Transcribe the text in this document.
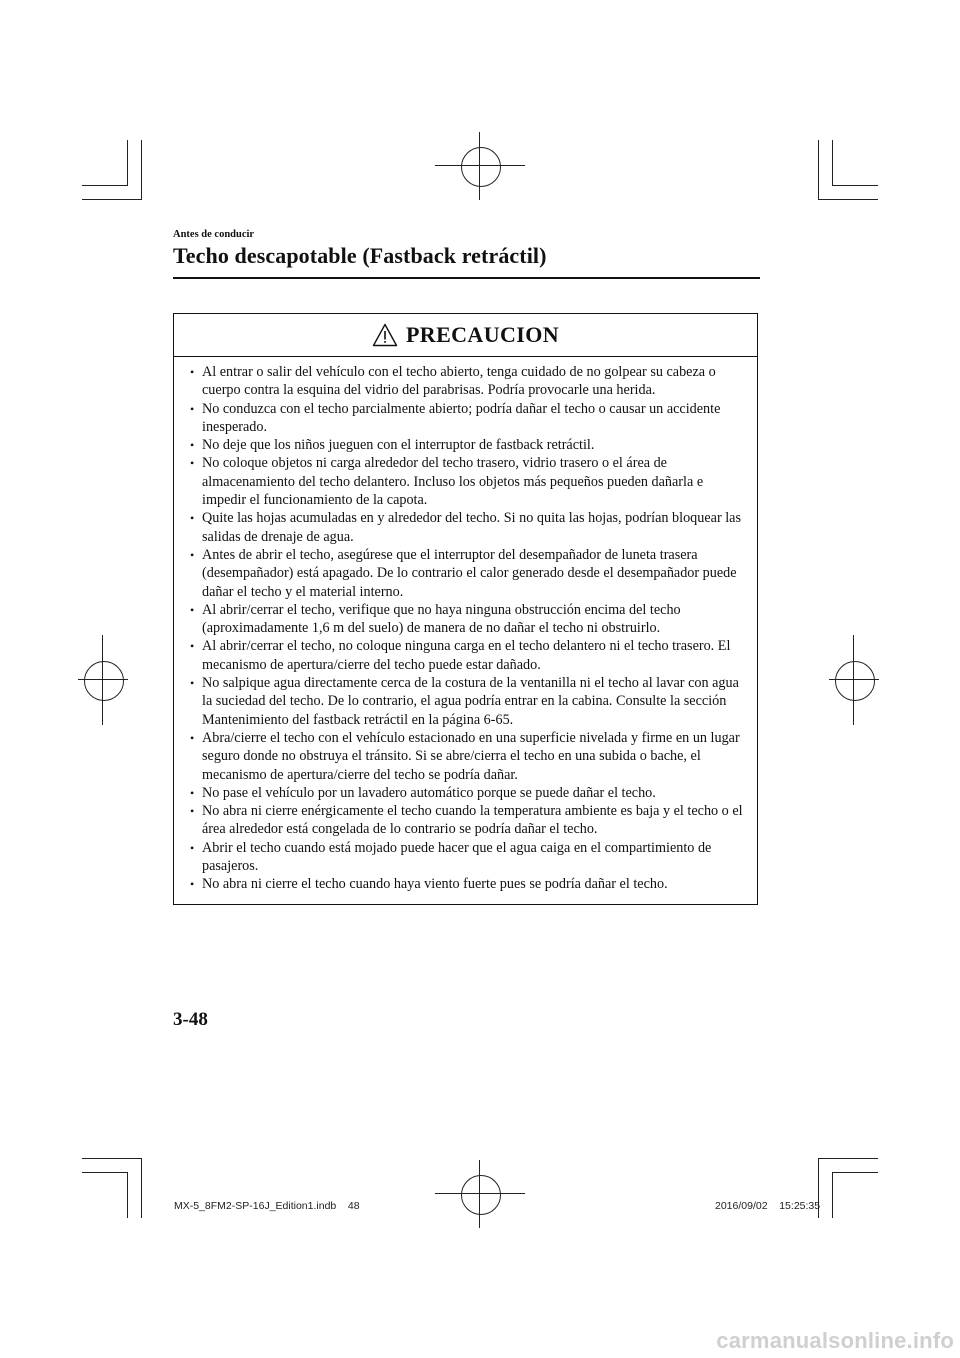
Antes de conducir
Techo descapotable (Fastback retráctil)
PRECAUCION
• Al entrar o salir del vehículo con el techo abierto, tenga cuidado de no golpear su cabeza o cuerpo contra la esquina del vidrio del parabrisas. Podría provocarle una herida.
• No conduzca con el techo parcialmente abierto; podría dañar el techo o causar un accidente inesperado.
• No deje que los niños jueguen con el interruptor de fastback retráctil.
• No coloque objetos ni carga alrededor del techo trasero, vidrio trasero o el área de almacenamiento del techo delantero. Incluso los objetos más pequeños pueden dañarla e impedir el funcionamiento de la capota.
• Quite las hojas acumuladas en y alrededor del techo. Si no quita las hojas, podrían bloquear las salidas de drenaje de agua.
• Antes de abrir el techo, asegúrese que el interruptor del desempañador de luneta trasera (desempañador) está apagado. De lo contrario el calor generado desde el desempañador puede dañar el techo y el material interno.
• Al abrir/cerrar el techo, verifique que no haya ninguna obstrucción encima del techo (aproximadamente 1,6 m del suelo) de manera de no dañar el techo ni obstruirlo.
• Al abrir/cerrar el techo, no coloque ninguna carga en el techo delantero ni el techo trasero. El mecanismo de apertura/cierre del techo puede estar dañado.
• No salpique agua directamente cerca de la costura de la ventanilla ni el techo al lavar con agua la suciedad del techo. De lo contrario, el agua podría entrar en la cabina. Consulte la sección Mantenimiento del fastback retráctil en la página 6-65.
• Abra/cierre el techo con el vehículo estacionado en una superficie nivelada y firme en un lugar seguro donde no obstruya el tránsito. Si se abre/cierra el techo en una subida o bache, el mecanismo de apertura/cierre del techo se podría dañar.
• No pase el vehículo por un lavadero automático porque se puede dañar el techo.
• No abra ni cierre enérgicamente el techo cuando la temperatura ambiente es baja y el techo o el área alrededor está congelada de lo contrario se podría dañar el techo.
• Abrir el techo cuando está mojado puede hacer que el agua caiga en el compartimiento de pasajeros.
• No abra ni cierre el techo cuando haya viento fuerte pues se podría dañar el techo.
3-48
MX-5_8FM2-SP-16J_Edition1.indb    48	2016/09/02    15:25:35
carmanualsonline.info
